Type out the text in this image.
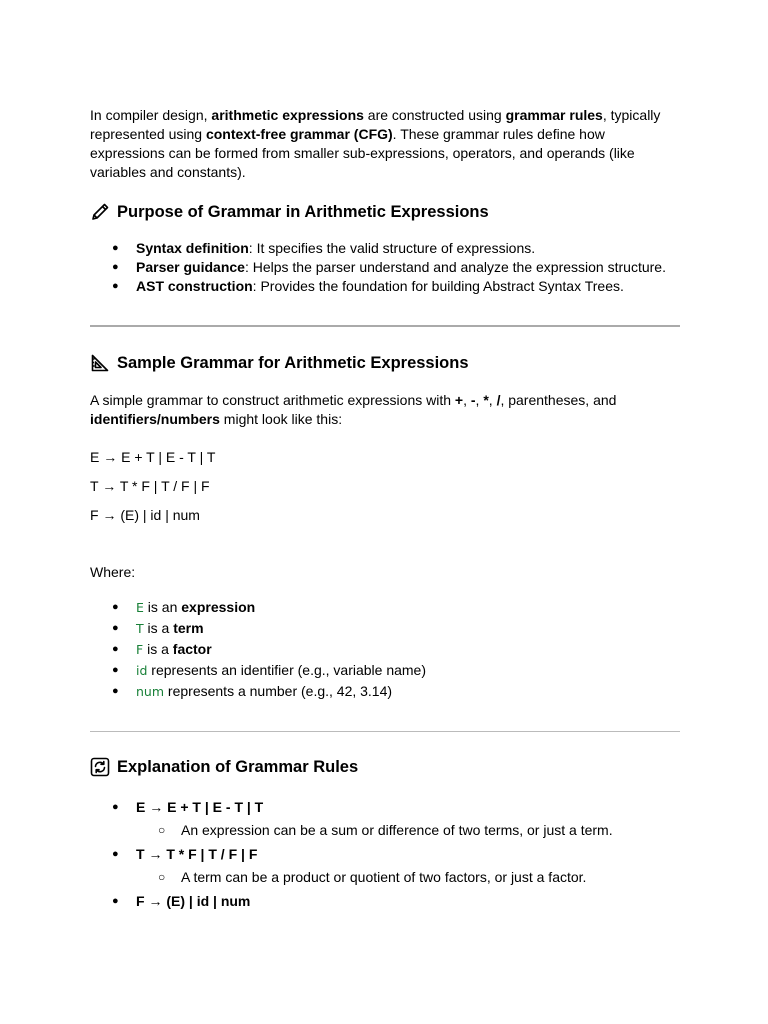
In compiler design, arithmetic expressions are constructed using grammar rules, typically represented using context-free grammar (CFG). These grammar rules define how expressions can be formed from smaller sub-expressions, operators, and operands (like variables and constants).

Purpose of Grammar in Arithmetic Expressions
● Syntax definition: It specifies the valid structure of expressions.
● Parser guidance: Helps the parser understand and analyze the expression structure.
● AST construction: Provides the foundation for building Abstract Syntax Trees.
Sample Grammar for Arithmetic Expressions

A simple grammar to construct arithmetic expressions with +, -, *, /, parentheses, and identifiers/numbers might look like this:

E → E + T | E - T | T

T → T * F | T / F | F

F → (E) | id | num

Where:

● E is an expression
● T is a term
● F is a factor
● id represents an identifier (e.g., variable name)
● num represents a number (e.g., 42, 3.14)
Explanation of Grammar Rules
● E → E + T | E - T | T
○ An expression can be a sum or difference of two terms, or just a term.
● T → T * F | T / F | F
○ A term can be a product or quotient of two factors, or just a factor.
● F → (E) | id | num
